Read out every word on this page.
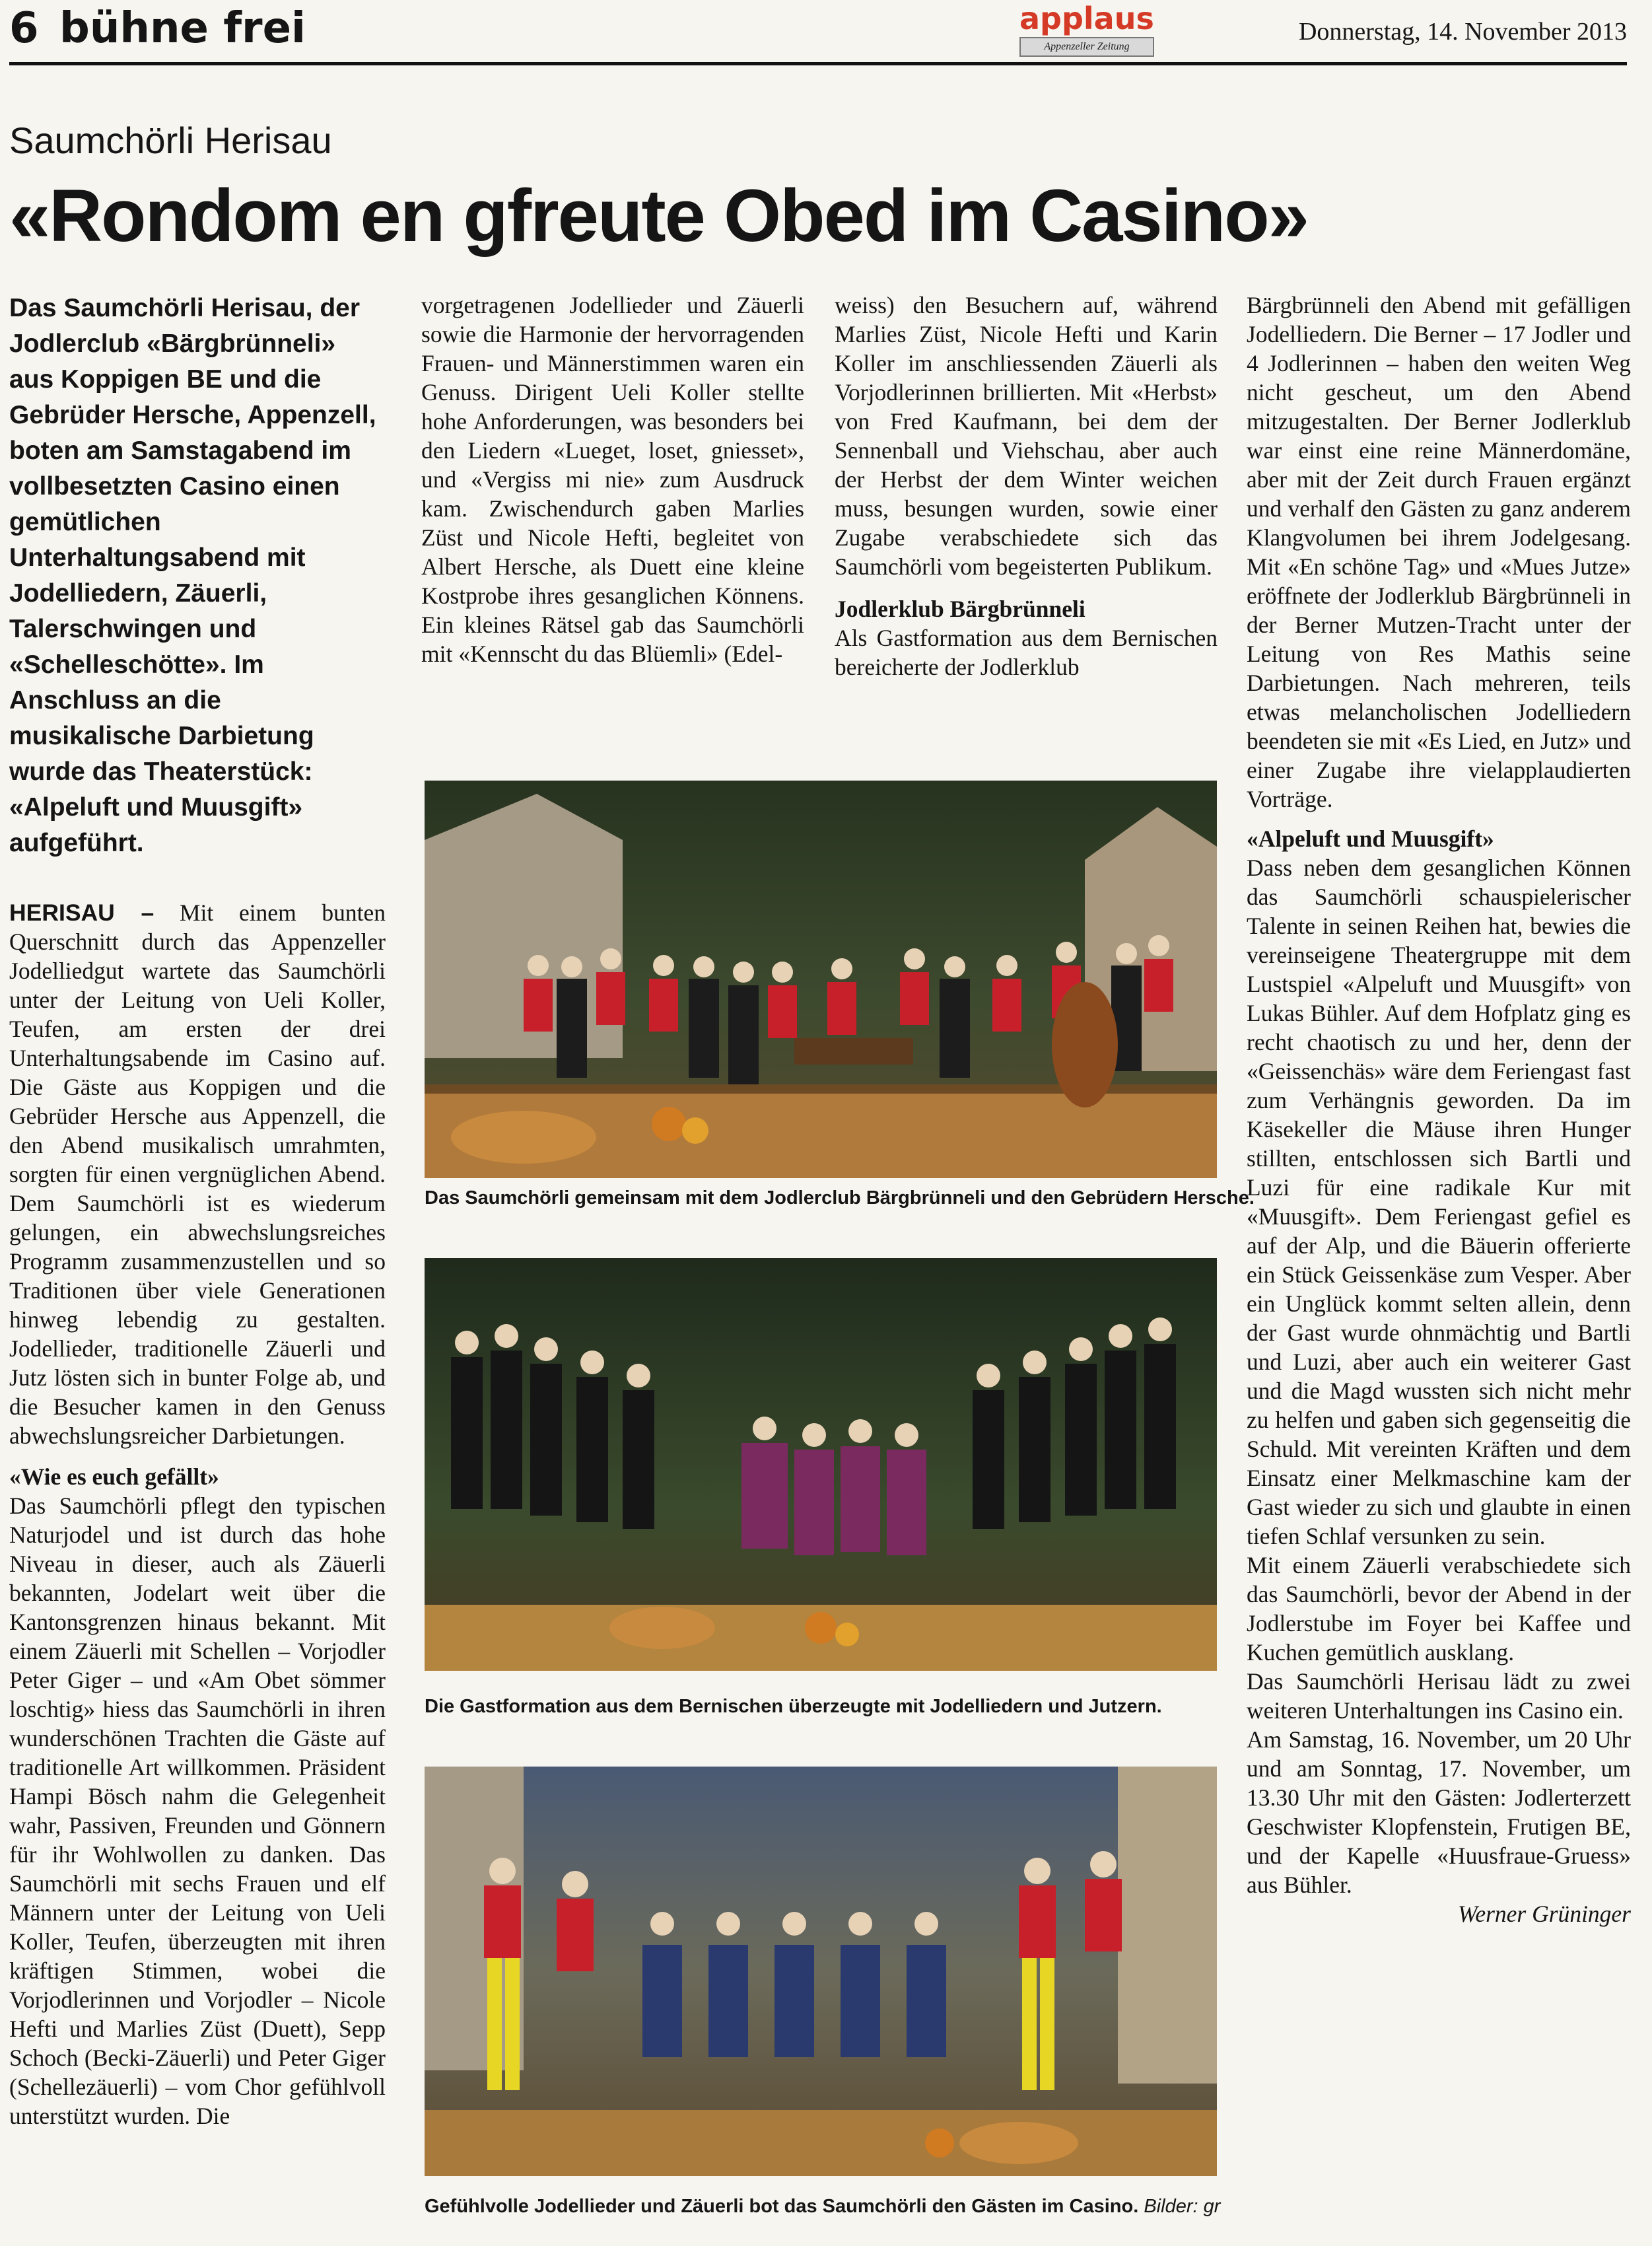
6 bühne frei	applaus
Appenzeller Zeitung
Donnerstag, 14. November 2013
Saumchörli Herisau
«Rondom en gfreute Obed im Casino»

Das Saumchörli Herisau, der Jodlerclub «Bärgbrünneli» aus Koppigen BE und die Gebrüder Hersche, Appenzell, boten am Samstagabend im vollbesetzten Casino einen gemütlichen Unterhaltungsabend mit Jodelliedern, Zäuerli, Talerschwingen und «Schelleschötte». Im Anschluss an die musikalische Darbietung wurde das Theaterstück: «Alpeluft und Muusgift» aufgeführt.

HERISAU – Mit einem bunten Querschnitt durch das Appenzeller Jodelliedgut wartete das Saumchörli unter der Leitung von Ueli Koller, Teufen, am ersten der drei Unterhaltungsabende im Casino auf. Die Gäste aus Koppigen und die Gebrüder Hersche aus Appenzell, die den Abend musikalisch umrahmten, sorgten für einen vergnüglichen Abend. Dem Saumchörli ist es wiederum gelungen, ein abwechslungsreiches Programm zusammenzustellen und so Traditionen über viele Generationen hinweg lebendig zu gestalten. Jodellieder, traditionelle Zäuerli und Jutz lösten sich in bunter Folge ab, und die Besucher kamen in den Genuss abwechslungsreicher Darbietungen.

«Wie es euch gefällt»

Das Saumchörli pflegt den typischen Naturjodel und ist durch das hohe Niveau in dieser, auch als Zäuerli bekannten, Jodelart weit über die Kantonsgrenzen hinaus bekannt. Mit einem Zäuerli mit Schellen – Vorjodler Peter Giger – und «Am Obet sömmer loschtig» hiess das Saumchörli in ihren wunderschönen Trachten die Gäste auf traditionelle Art willkommen. Präsident Hampi Bösch nahm die Gelegenheit wahr, Passiven, Freunden und Gönnern für ihr Wohlwollen zu danken. Das Saumchörli mit sechs Frauen und elf Männern unter der Leitung von Ueli Koller, Teufen, überzeugten mit ihren kräftigen Stimmen, wobei die Vorjodlerinnen und Vorjodler – Nicole Hefti und Marlies Züst (Duett), Sepp Schoch (Becki-Zäuerli) und Peter Giger (Schellezäuerli) – vom Chor gefühlvoll unterstützt wurden. Die

vorgetragenen Jodellieder und Zäuerli sowie die Harmonie der hervorragenden Frauen- und Männerstimmen waren ein Genuss. Dirigent Ueli Koller stellte hohe Anforderungen, was besonders bei den Liedern «Lueget, loset, gniesset», und «Vergiss mi nie» zum Ausdruck kam. Zwischendurch gaben Marlies Züst und Nicole Hefti, begleitet von Albert Hersche, als Duett eine kleine Kostprobe ihres gesanglichen Könnens. Ein kleines Rätsel gab das Saumchörli mit «Kennscht du das Blüemli» (Edel-

weiss) den Besuchern auf, während Marlies Züst, Nicole Hefti und Karin Koller im anschliessenden Zäuerli als Vorjodlerinnen brillierten. Mit «Herbst» von Fred Kaufmann, bei dem der Sennenball und Viehschau, aber auch der Herbst der dem Winter weichen muss, besungen wurden, sowie einer Zugabe verabschiedete sich das Saumchörli vom begeisterten Publikum.

Jodlerklub Bärgbrünneli

Als Gastformation aus dem Bernischen bereicherte der Jodlerklub

Bärgbrünneli den Abend mit gefälligen Jodelliedern. Die Berner – 17 Jodler und 4 Jodlerinnen – haben den weiten Weg nicht gescheut, um den Abend mitzugestalten. Der Berner Jodlerklub war einst eine reine Männerdomäne, aber mit der Zeit durch Frauen ergänzt und verhalf den Gästen zu ganz anderem Klangvolumen bei ihrem Jodelgesang. Mit «En schöne Tag» und «Mues Jutze» eröffnete der Jodlerklub Bärgbrünneli in der Berner Mutzen-Tracht unter der Leitung von Res Mathis seine Darbietungen. Nach mehreren, teils etwas melancholischen Jodelliedern beendeten sie mit «Es Lied, en Jutz» und einer Zugabe ihre vielapplaudierten Vorträge.

«Alpeluft und Muusgift»

Dass neben dem gesanglichen Können das Saumchörli schauspielerischer Talente in seinen Reihen hat, bewies die vereinseigene Theatergruppe mit dem Lustspiel «Alpeluft und Muusgift» von Lukas Bühler. Auf dem Hofplatz ging es recht chaotisch zu und her, denn der «Geissenchäs» wäre dem Feriengast fast zum Verhängnis geworden. Da im Käsekeller die Mäuse ihren Hunger stillten, entschlossen sich Bartli und Luzi für eine radikale Kur mit «Muusgift». Dem Feriengast gefiel es auf der Alp, und die Bäuerin offerierte ein Stück Geissenkäse zum Vesper. Aber ein Unglück kommt selten allein, denn der Gast wurde ohnmächtig und Bartli und Luzi, aber auch ein weiterer Gast und die Magd wussten sich nicht mehr zu helfen und gaben sich gegenseitig die Schuld. Mit vereinten Kräften und dem Einsatz einer Melkmaschine kam der Gast wieder zu sich und glaubte in einen tiefen Schlaf versunken zu sein.

Mit einem Zäuerli verabschiedete sich das Saumchörli, bevor der Abend in der Jodlerstube im Foyer bei Kaffee und Kuchen gemütlich ausklang.

Das Saumchörli Herisau lädt zu zwei weiteren Unterhaltungen ins Casino ein.

Am Samstag, 16. November, um 20 Uhr und am Sonntag, 17. November, um 13.30 Uhr mit den Gästen: Jodlerterzett Geschwister Klopfenstein, Frutigen BE, und der Kapelle «Huusfraue-Gruess» aus Bühler.

Werner Grüninger

Das Saumchörli gemeinsam mit dem Jodlerclub Bärgbrünneli und den Gebrüdern Hersche.
Die Gastformation aus dem Bernischen überzeugte mit Jodelliedern und Jutzern.
Gefühlvolle Jodellieder und Zäuerli bot das Saumchörli den Gästen im Casino. Bilder: gr
